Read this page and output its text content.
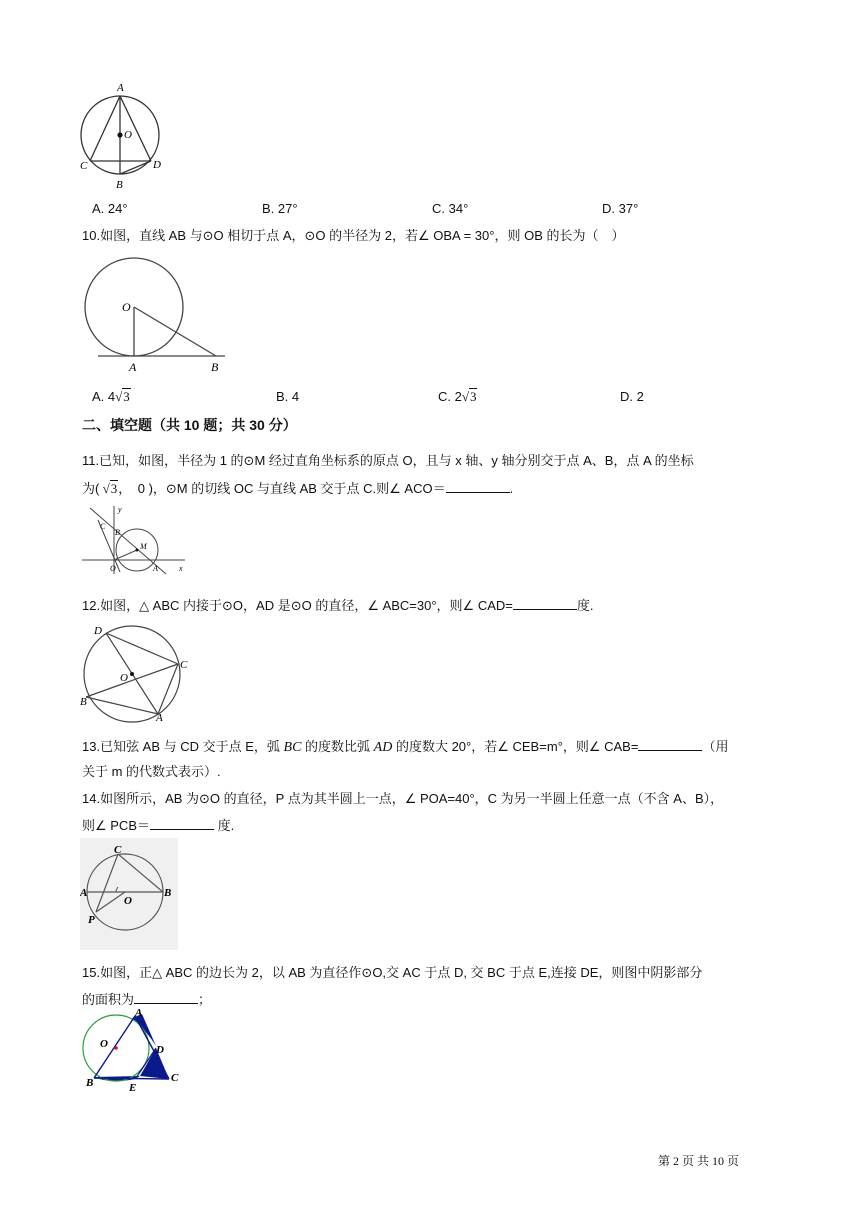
A
O
C
B
D
A. 24°	B. 27°	C. 34°	D. 37°
10.如图，直线 AB 与⊙O 相切于点 A，⊙O 的半径为 2，若∠ OBA = 30°，则 OB 的长为（　）
O
A	B
A. 4√3	B. 4	C. 2√3	D. 2
二、填空题（共 10 题；共 30 分）
11.已知，如图，半径为 1 的⊙M 经过直角坐标系的原点 O，且与 x 轴、y 轴分别交于点 A、B，点 A 的坐标
为( √3，　0 )，⊙M 的切线 OC 与直线 AB 交于点 C.则∠ ACO＝	.
y
C
B
M
O	A	x
12.如图，△ ABC 内接于⊙O，AD 是⊙O 的直径，∠ ABC=30°，则∠ CAD=	度.
D
C
O
B
A
13.已知弦 AB 与 CD 交于点 E，弧 BC 的度数比弧 AD 的度数大 20°，若∠ CEB=m°，则∠ CAB=	（用
关于 m 的代数式表示）.
14.如图所示，AB 为⊙O 的直径，P 点为其半圆上一点，∠ POA=40°，C 为另一半圆上任意一点（不含 A、B），
则∠ PCB＝	度.
C
A	B
O
P
15.如图，正△ ABC 的边长为 2，以 AB 为直径作⊙O,交 AC 于点 D, 交 BC 于点 E,连接 DE，则图中阴影部分
的面积为	；
A
O	D
C
B	E
第 2 页 共 10 页
